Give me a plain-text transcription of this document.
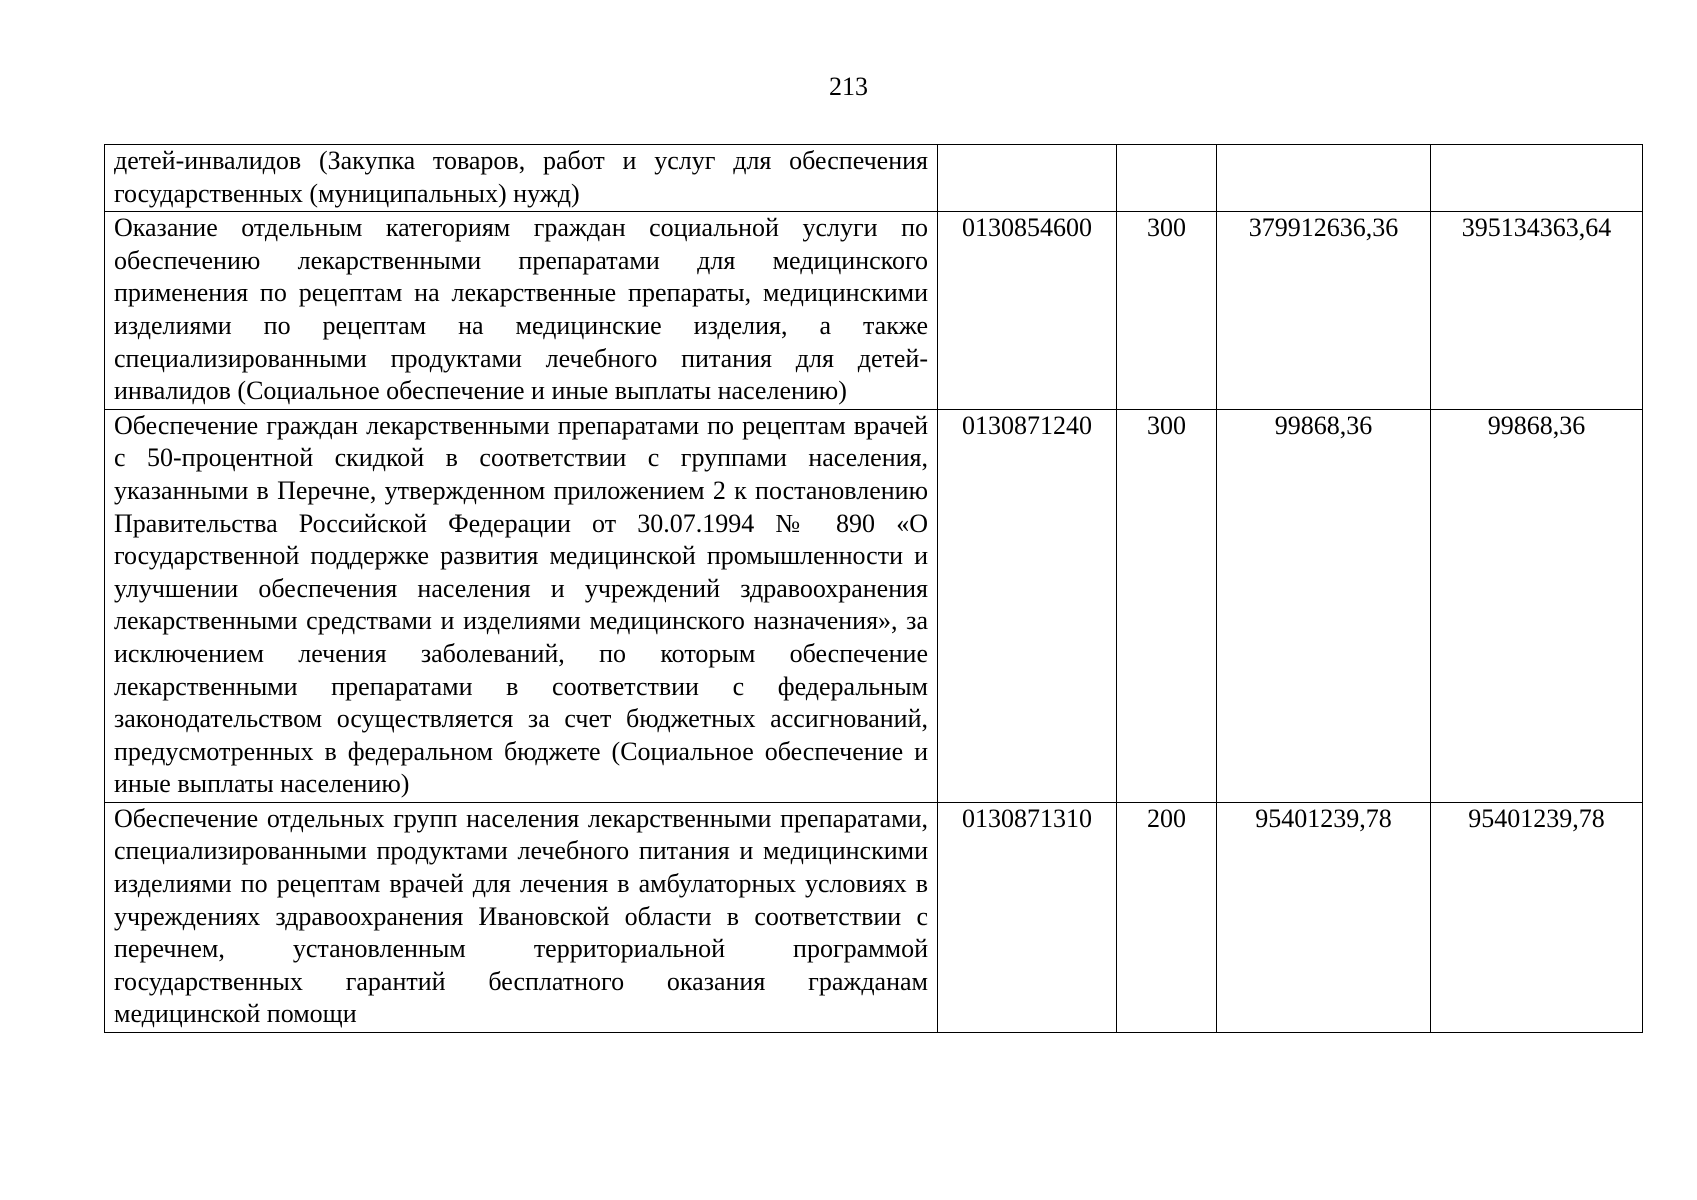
213
детей-инвалидов (Закупка товаров, работ и услуг для обеспечения государственных (муниципальных) нужд)				
Оказание отдельным категориям граждан социальной услуги по обеспечению лекарственными препаратами для медицинского применения по рецептам на лекарственные препараты, медицинскими изделиями по рецептам на медицинские изделия, а также специализированными продуктами лечебного питания для детей-инвалидов (Социальное обеспечение и иные выплаты населению)	0130854600	300	379912636,36	395134363,64
Обеспечение граждан лекарственными препаратами по рецептам врачей с 50-процентной скидкой в соответствии с группами населения, указанными в Перечне, утвержденном приложением 2 к постановлению Правительства Российской Федерации от 30.07.1994 № 890 «О государственной поддержке развития медицинской промышленности и улучшении обеспечения населения и учреждений здравоохранения лекарственными средствами и изделиями медицинского назначения», за исключением лечения заболеваний, по которым обеспечение лекарственными препаратами в соответствии с федеральным законодательством осуществляется за счет бюджетных ассигнований, предусмотренных в федеральном бюджете (Социальное обеспечение и иные выплаты населению)	0130871240	300	99868,36	99868,36
Обеспечение отдельных групп населения лекарственными препаратами, специализированными продуктами лечебного питания и медицинскими изделиями по рецептам врачей для лечения в амбулаторных условиях в учреждениях здравоохранения Ивановской области в соответствии с перечнем, установленным территориальной программой государственных гарантий бесплатного оказания гражданам медицинской помощи	0130871310	200	95401239,78	95401239,78
